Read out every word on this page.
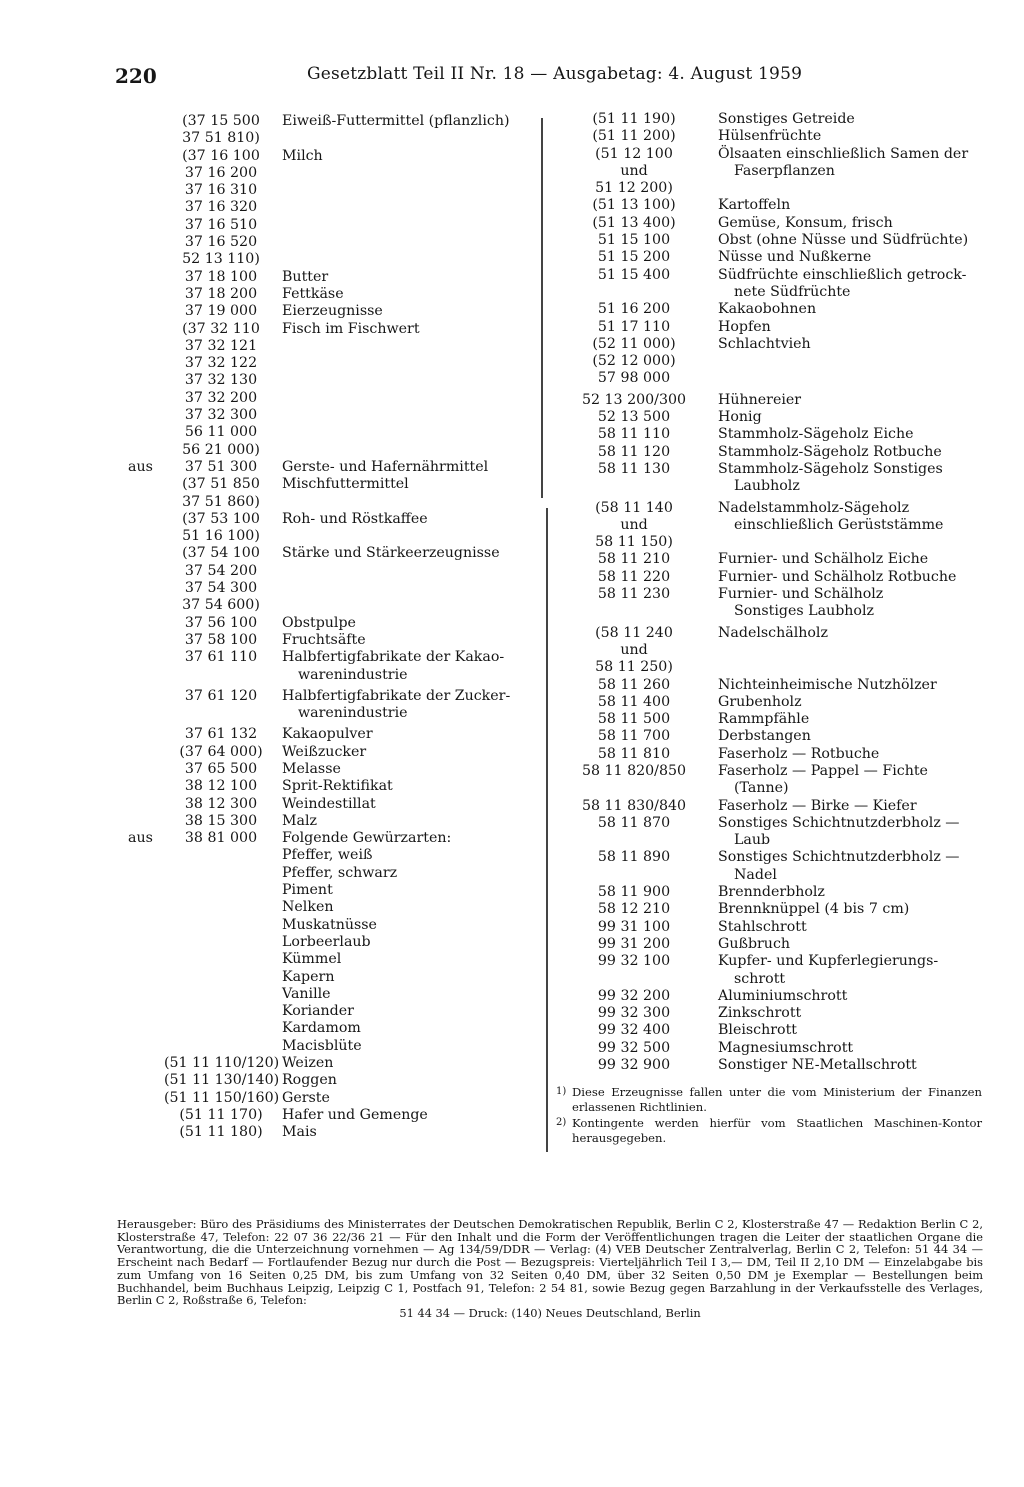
220	Gesetzblatt Teil II Nr. 18 — Ausgabetag: 4. August 1959
(37 15 500	Eiweiß-Futtermittel (pflanzlich)
37 51 810)
(37 16 100	Milch
37 16 200
37 16 310
37 16 320
37 16 510
37 16 520
52 13 110)
37 18 100	Butter
37 18 200	Fettkäse
37 19 000	Eierzeugnisse
(37 32 110	Fisch im Fischwert
37 32 121
37 32 122
37 32 130
37 32 200
37 32 300
56 11 000
56 21 000)
aus	37 51 300	Gerste- und Hafernährmittel
(37 51 850	Mischfuttermittel
37 51 860)
(37 53 100	Roh- und Röstkaffee
51 16 100)
(37 54 100	Stärke und Stärkeerzeugnisse
37 54 200
37 54 300
37 54 600)
37 56 100	Obstpulpe
37 58 100	Fruchtsäfte
37 61 110	Halbfertigfabrikate der Kakao-
warenindustrie
37 61 120	Halbfertigfabrikate der Zucker-
warenindustrie
37 61 132	Kakaopulver
(37 64 000)	Weißzucker
37 65 500	Melasse
38 12 100	Sprit-Rektifikat
38 12 300	Weindestillat
38 15 300	Malz
aus	38 81 000	Folgende Gewürzarten:
Pfeffer, weiß
Pfeffer, schwarz
Piment
Nelken
Muskatnüsse
Lorbeerlaub
Kümmel
Kapern
Vanille
Koriander
Kardamom
Macisblüte
(51 11 110/120) Weizen
(51 11 130/140) Roggen
(51 11 150/160) Gerste
(51 11 170)	Hafer und Gemenge
(51 11 180)	Mais
(51 11 190)	Sonstiges Getreide
(51 11 200)	Hülsenfrüchte
(51 12 100	Ölsaaten einschließlich Samen der
und	Faserpflanzen
51 12 200)
(51 13 100)	Kartoffeln
(51 13 400)	Gemüse, Konsum, frisch
51 15 100	Obst (ohne Nüsse und Südfrüchte)
51 15 200	Nüsse und Nußkerne
51 15 400	Südfrüchte einschließlich getrock-
nete Südfrüchte
51 16 200	Kakaobohnen
51 17 110	Hopfen
(52 11 000)	Schlachtvieh
(52 12 000)
57 98 000
52 13 200/300	Hühnereier
52 13 500	Honig
58 11 110	Stammholz-Sägeholz Eiche
58 11 120	Stammholz-Sägeholz Rotbuche
58 11 130	Stammholz-Sägeholz Sonstiges
Laubholz
(58 11 140	Nadelstammholz-Sägeholz
und	einschließlich Gerüststämme
58 11 150)
58 11 210	Furnier- und Schälholz Eiche
58 11 220	Furnier- und Schälholz Rotbuche
58 11 230	Furnier- und Schälholz
Sonstiges Laubholz
(58 11 240	Nadelschälholz
und
58 11 250)
58 11 260	Nichteinheimische Nutzhölzer
58 11 400	Grubenholz
58 11 500	Rammpfähle
58 11 700	Derbstangen
58 11 810	Faserholz — Rotbuche
58 11 820/850	Faserholz — Pappel — Fichte
(Tanne)
58 11 830/840	Faserholz — Birke — Kiefer
58 11 870	Sonstiges Schichtnutzderbholz —
Laub
58 11 890	Sonstiges Schichtnutzderbholz —
Nadel
58 11 900	Brennderbholz
58 12 210	Brennknüppel (4 bis 7 cm)
99 31 100	Stahlschrott
99 31 200	Gußbruch
99 32 100	Kupfer- und Kupferlegierungs-
schrott
99 32 200	Aluminiumschrott
99 32 300	Zinkschrott
99 32 400	Bleischrott
99 32 500	Magnesiumschrott
99 32 900	Sonstiger NE-Metallschrott
1) Diese Erzeugnisse fallen unter die vom Ministerium der Finanzen erlassenen Richtlinien.
2) Kontingente werden hierfür vom Staatlichen Maschinen-Kontor herausgegeben.
Herausgeber: Büro des Präsidiums des Ministerrates der Deutschen Demokratischen Republik, Berlin C 2, Klosterstraße 47 — Redaktion Berlin C 2, Klosterstraße 47, Telefon: 22 07 36 22/36 21 — Für den Inhalt und die Form der Veröffentlichungen tragen die Leiter der staatlichen Organe die Verantwortung, die die Unterzeichnung vornehmen — Ag 134/59/DDR — Verlag: (4) VEB Deutscher Zentralverlag, Berlin C 2, Telefon: 51 44 34 — Erscheint nach Bedarf — Fortlaufender Bezug nur durch die Post — Bezugspreis: Vierteljährlich Teil I 3,— DM, Teil II 2,10 DM — Einzelabgabe bis zum Umfang von 16 Seiten 0,25 DM, bis zum Umfang von 32 Seiten 0,40 DM, über 32 Seiten 0,50 DM je Exemplar — Bestellungen beim Buchhandel, beim Buchhaus Leipzig, Leipzig C 1, Postfach 91, Telefon: 2 54 81, sowie Bezug gegen Barzahlung in der Verkaufsstelle des Verlages, Berlin C 2, Roßstraße 6, Telefon:
51 44 34 — Druck: (140) Neues Deutschland, Berlin
